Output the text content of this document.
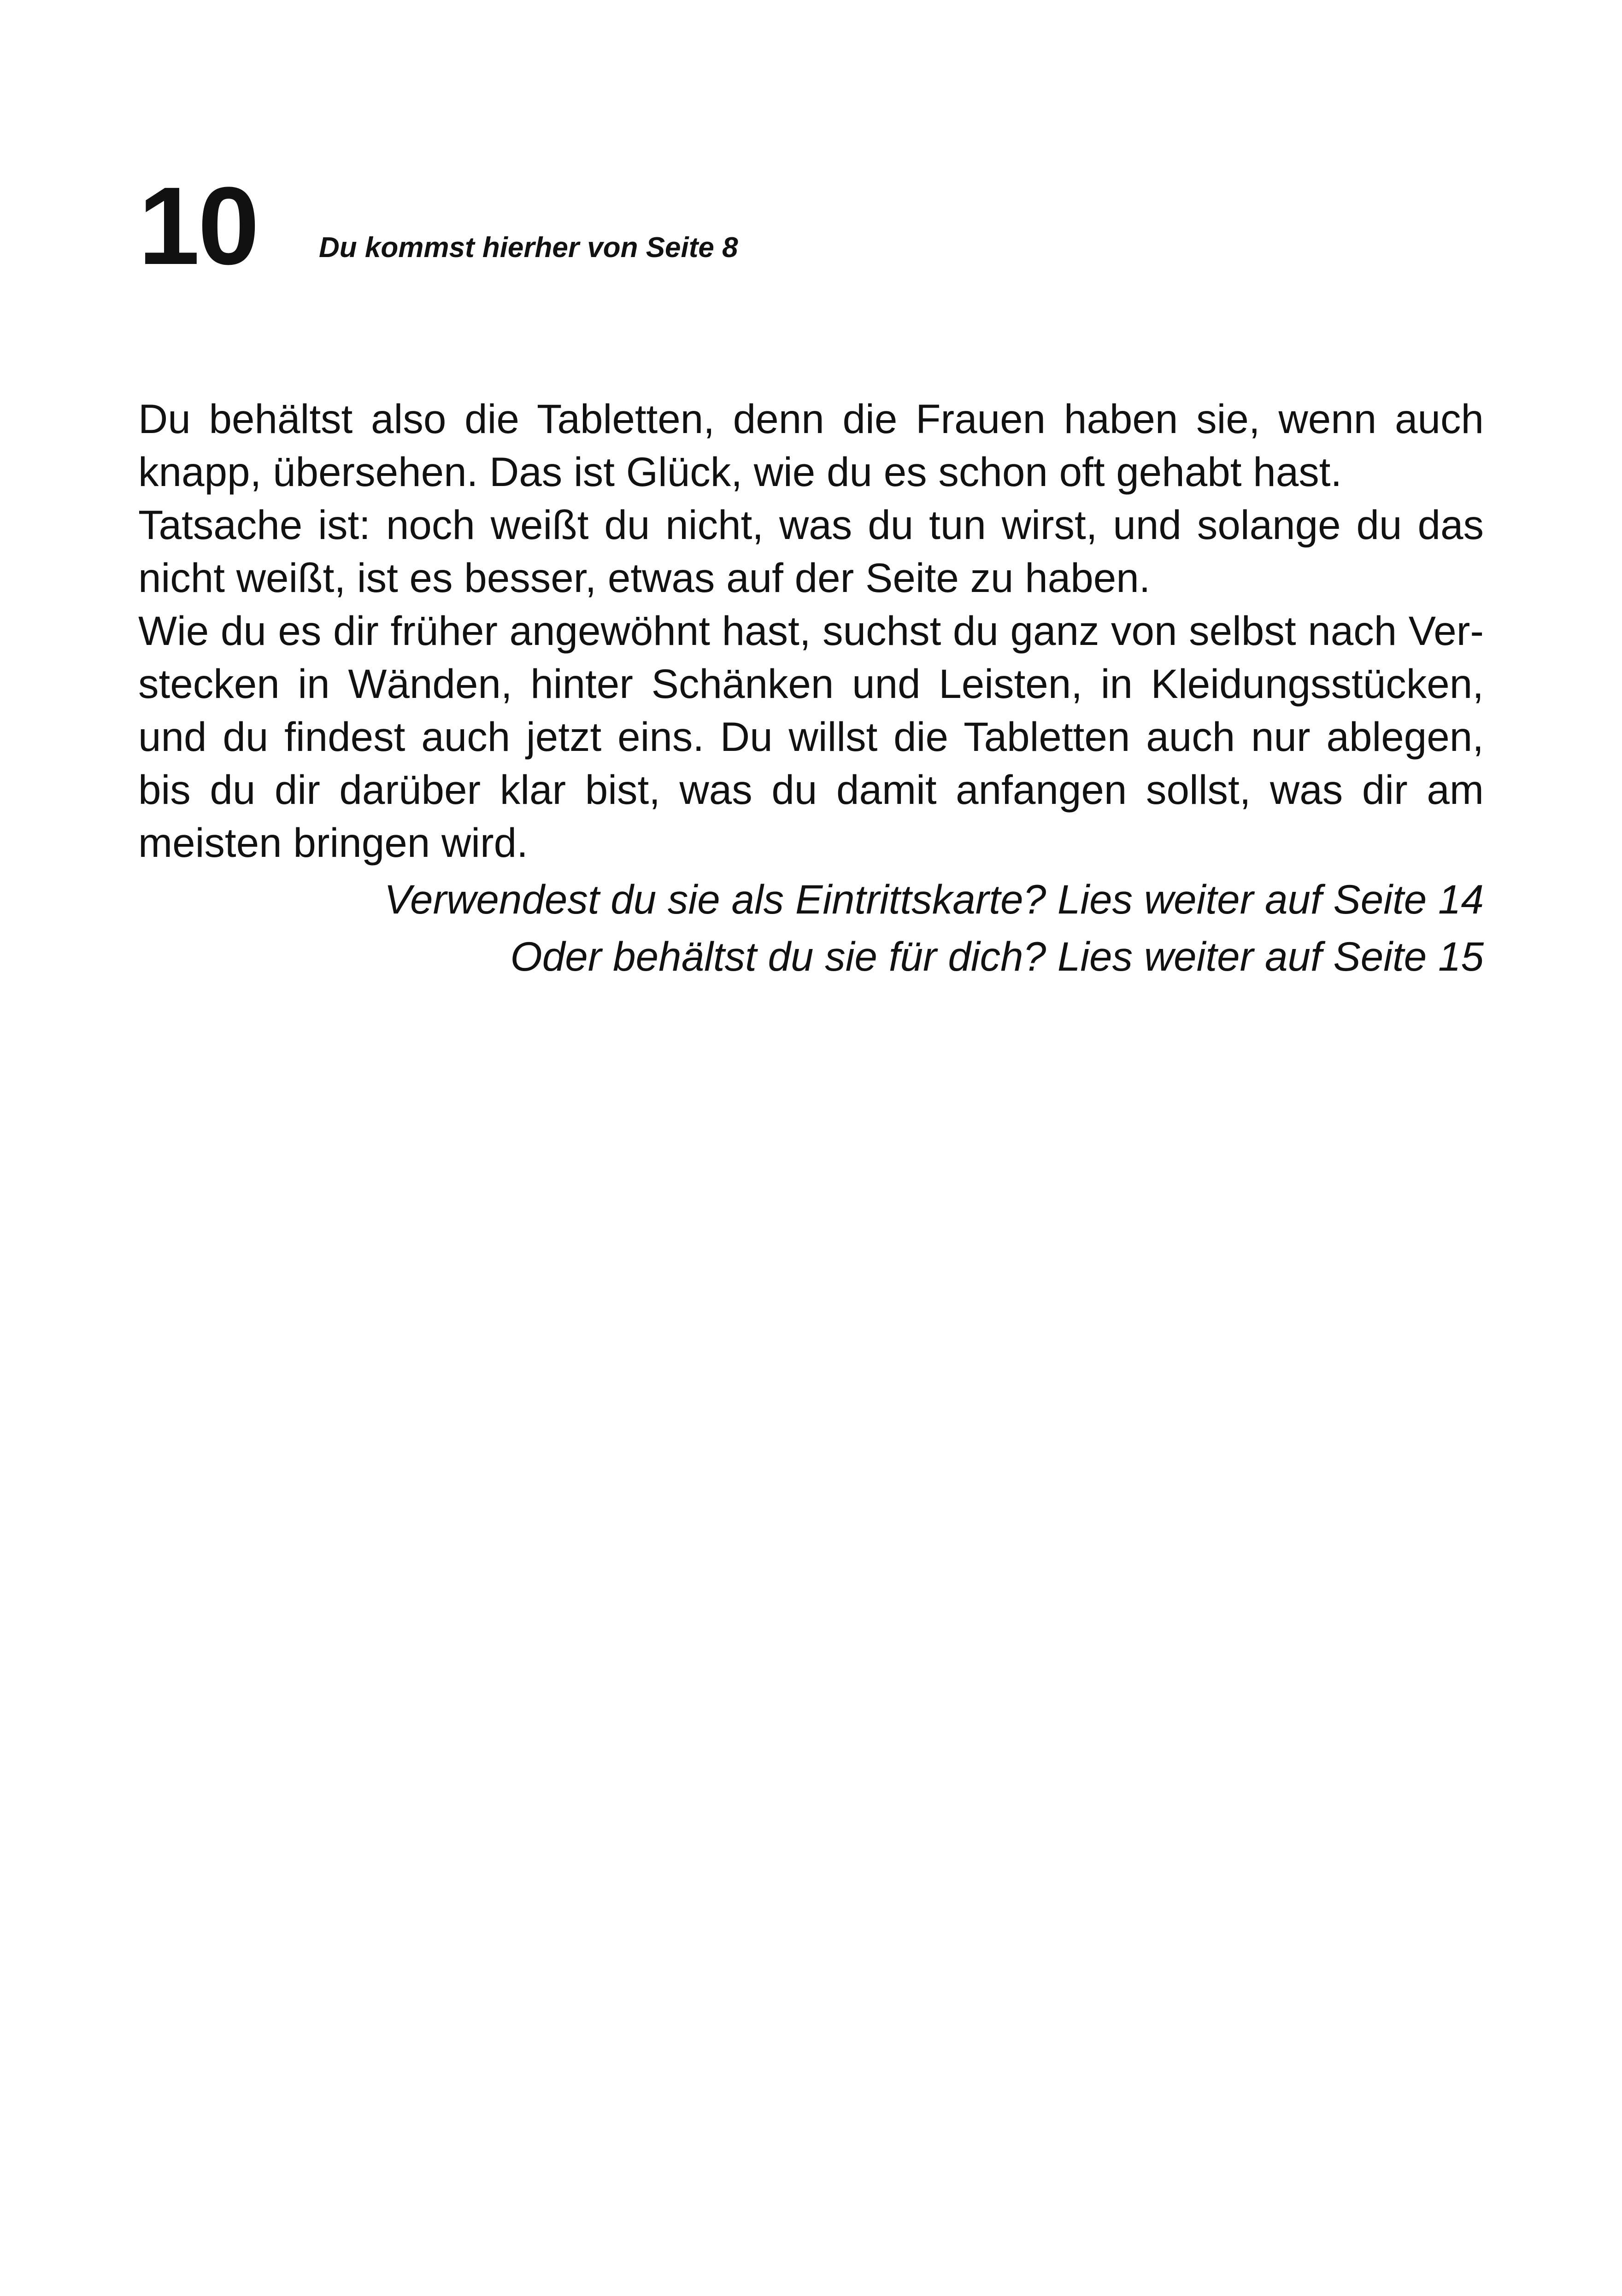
10 Du kommst hierher von Seite 8

Du behältst also die Tabletten, denn die Frauen haben sie, wenn auch knapp, übersehen. Das ist Glück, wie du es schon oft gehabt hast.

Tatsache ist: noch weißt du nicht, was du tun wirst, und solange du das nicht weißt, ist es besser, etwas auf der Seite zu haben.

Wie du es dir früher angewöhnt hast, suchst du ganz von selbst nach Verstecken in Wänden, hinter Schänken und Leisten, in Kleidungsstücken, und du findest auch jetzt eins. Du willst die Tabletten auch nur ablegen, bis du dir darüber klar bist, was du damit anfangen sollst, was dir am meisten bringen wird.

Verwendest du sie als Eintrittskarte? Lies weiter auf Seite 14

Oder behältst du sie für dich? Lies weiter auf Seite 15
